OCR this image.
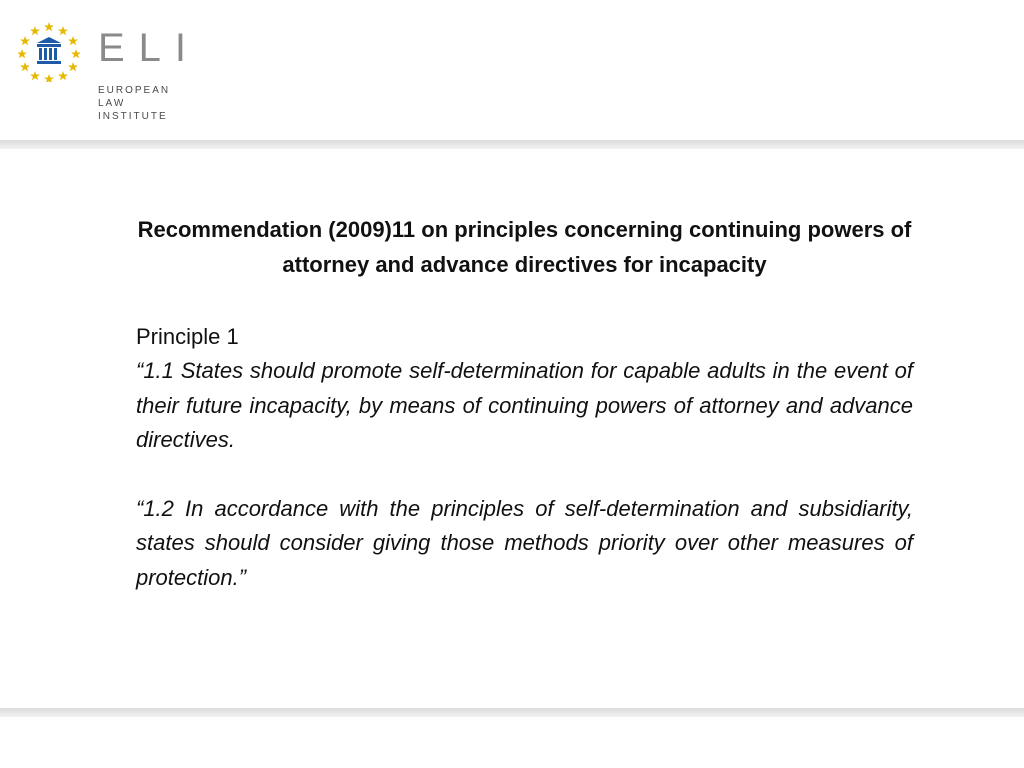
ELI
EUROPEAN
LAW
INSTITUTE

Recommendation (2009)11 on principles concerning continuing powers of attorney and advance directives for incapacity

Principle 1

“1.1 States should promote self-determination for capable adults in the event of their future incapacity, by means of continuing powers of attorney and advance directives.

“1.2 In accordance with the principles of self-determination and subsidiarity, states should consider giving those methods priority over other measures of protection.”
